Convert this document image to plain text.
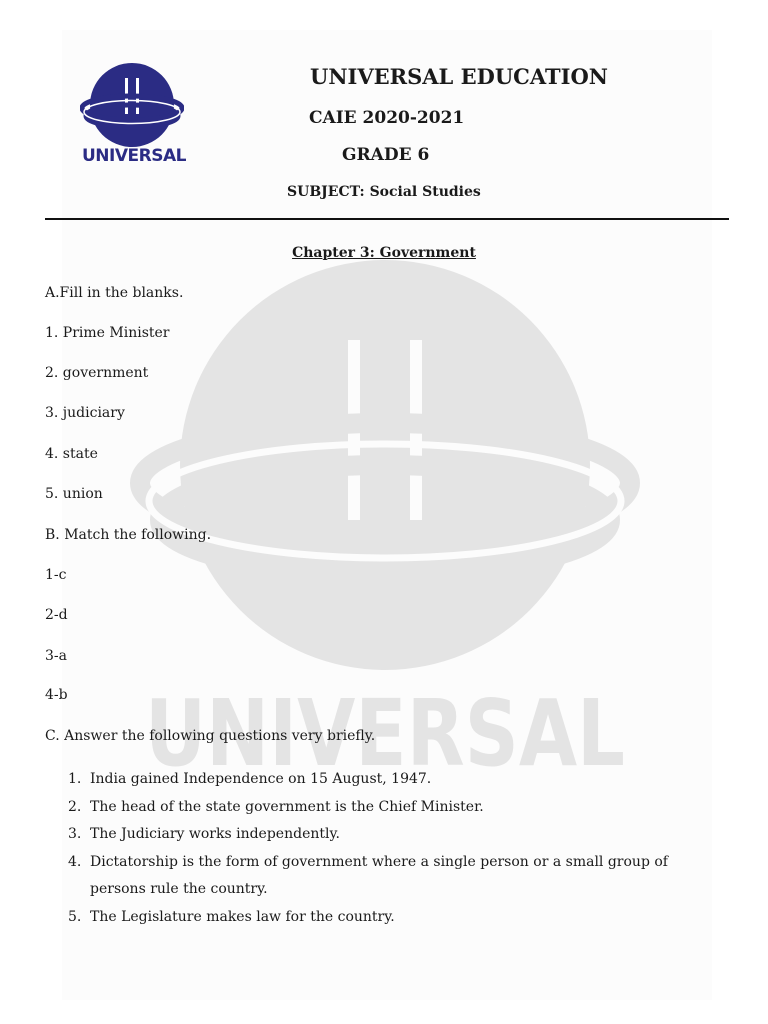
UNIVERSAL
UNIVERSAL
UNIVERSAL EDUCATION
CAIE 2020-2021
GRADE 6
SUBJECT: Social Studies
Chapter 3: Government
A.Fill in the blanks.
1. Prime Minister
2. government
3. judiciary
4. state
5. union
B. Match the following.
1-c
2-d
3-a
4-b
C. Answer the following questions very briefly.
1. India gained Independence on 15 August, 1947.
2. The head of the state government is the Chief Minister.
3. The Judiciary works independently.
4. Dictatorship is the form of government where a single person or a small group of persons rule the country.
5. The Legislature makes law for the country.
